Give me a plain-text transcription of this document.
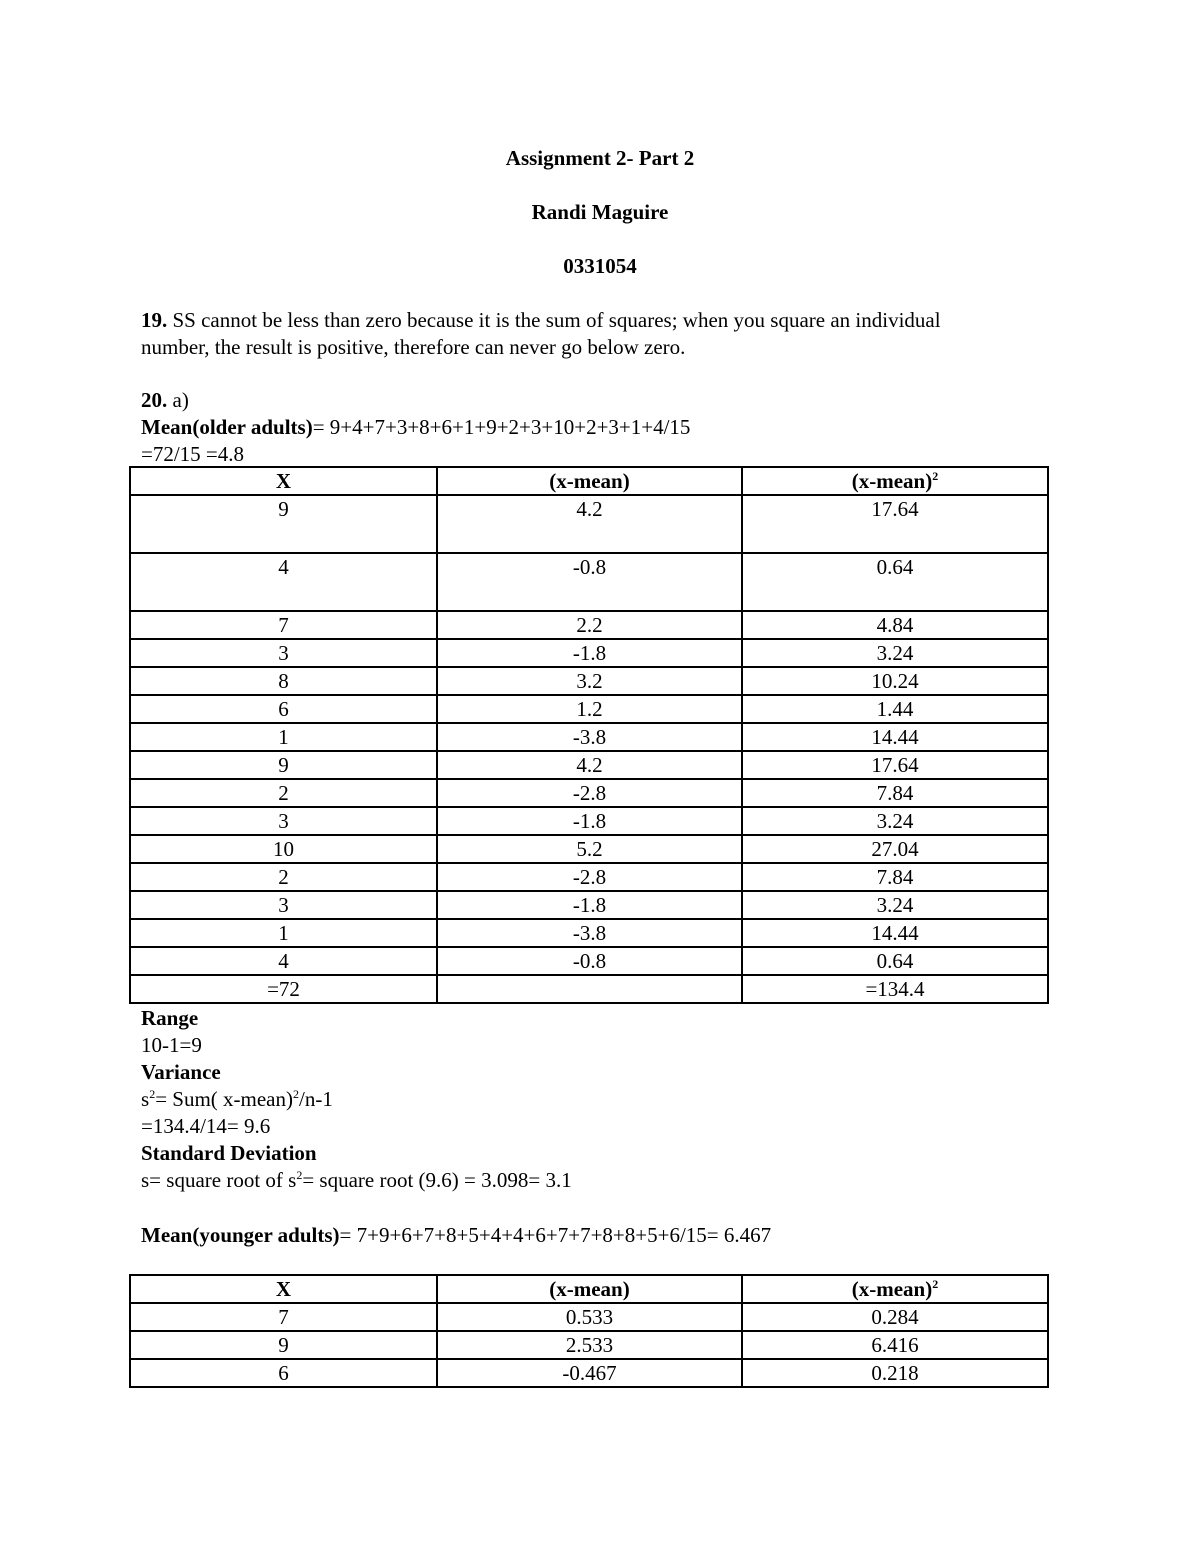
Assignment 2- Part 2
Randi Maguire
0331054
19. SS cannot be less than zero because it is the sum of squares; when you square an individual
number, the result is positive, therefore can never go below zero.
20. a)
Mean(older adults)= 9+4+7+3+8+6+1+9+2+3+10+2+3+1+4/15
=72/15 =4.8
X	(x-mean)	(x-mean)$^2$
9	4.2	17.64
4	-0.8	0.64
7	2.2	4.84
3	-1.8	3.24
8	3.2	10.24
6	1.2	1.44
1	-3.8	14.44
9	4.2	17.64
2	-2.8	7.84
3	-1.8	3.24
10	5.2	27.04
2	-2.8	7.84
3	-1.8	3.24
1	-3.8	14.44
4	-0.8	0.64
=72		=134.4
Range
10-1=9
Variance
$s^2= Sum$( x-mean)$^2$/n-1
=134.4/14= 9.6
Standard Deviation
s= square root of $s^2=$ square root (9.6) = 3.098= 3.1
Mean(younger adults)= 7+9+6+7+8+5+4+4+6+7+7+8+8+5+6/15= 6.467
X	(x-mean)	(x-mean)$^2$
7	0.533	0.284
9	2.533	6.416
6	-0.467	0.218
